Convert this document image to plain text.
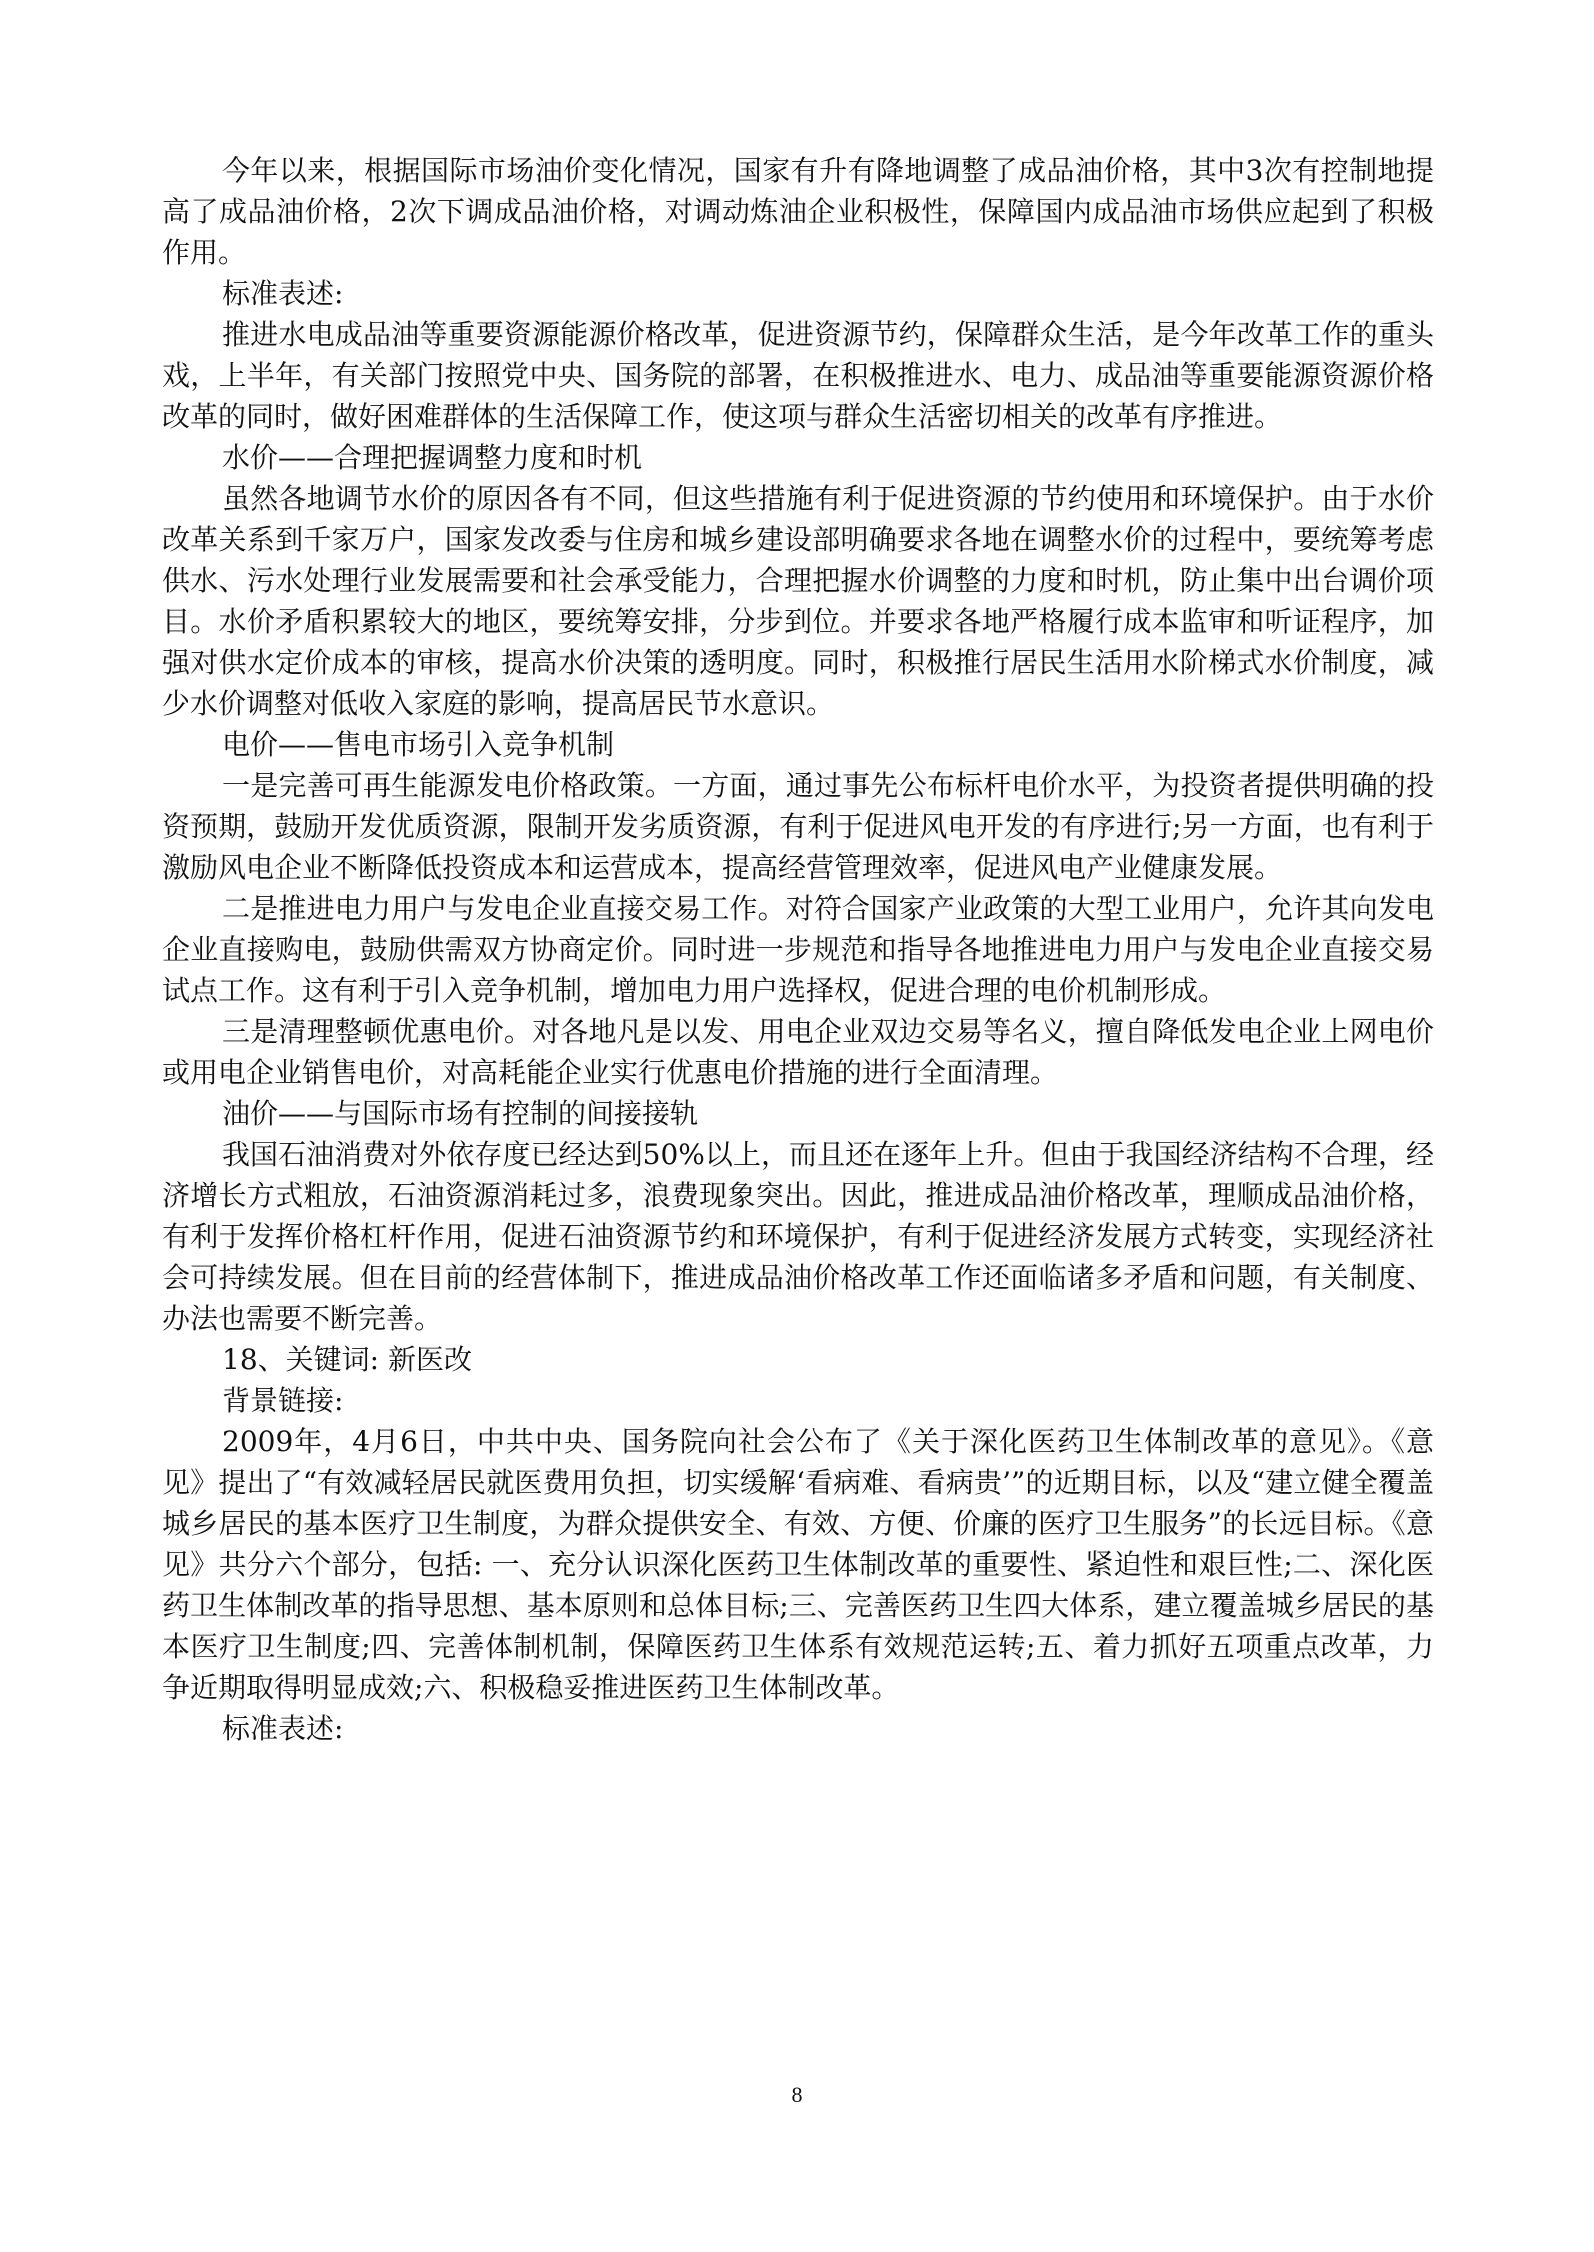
今年以来，根据国际市场油价变化情况，国家有升有降地调整了成品油价格，其中3次有控制地提高了成品油价格，2次下调成品油价格，对调动炼油企业积极性，保障国内成品油市场供应起到了积极作用。

标准表述:

推进水电成品油等重要资源能源价格改革，促进资源节约，保障群众生活，是今年改革工作的重头戏，上半年，有关部门按照党中央、国务院的部署，在积极推进水、电力、成品油等重要能源资源价格改革的同时，做好困难群体的生活保障工作，使这项与群众生活密切相关的改革有序推进。

水价——合理把握调整力度和时机

虽然各地调节水价的原因各有不同，但这些措施有利于促进资源的节约使用和环境保护。由于水价改革关系到千家万户，国家发改委与住房和城乡建设部明确要求各地在调整水价的过程中，要统筹考虑供水、污水处理行业发展需要和社会承受能力，合理把握水价调整的力度和时机，防止集中出台调价项目。水价矛盾积累较大的地区，要统筹安排，分步到位。并要求各地严格履行成本监审和听证程序，加强对供水定价成本的审核，提高水价决策的透明度。同时，积极推行居民生活用水阶梯式水价制度，减少水价调整对低收入家庭的影响，提高居民节水意识。

电价——售电市场引入竞争机制

一是完善可再生能源发电价格政策。一方面，通过事先公布标杆电价水平，为投资者提供明确的投资预期，鼓励开发优质资源，限制开发劣质资源，有利于促进风电开发的有序进行;另一方面，也有利于激励风电企业不断降低投资成本和运营成本，提高经营管理效率，促进风电产业健康发展。

二是推进电力用户与发电企业直接交易工作。对符合国家产业政策的大型工业用户，允许其向发电企业直接购电，鼓励供需双方协商定价。同时进一步规范和指导各地推进电力用户与发电企业直接交易试点工作。这有利于引入竞争机制，增加电力用户选择权，促进合理的电价机制形成。

三是清理整顿优惠电价。对各地凡是以发、用电企业双边交易等名义，擅自降低发电企业上网电价或用电企业销售电价，对高耗能企业实行优惠电价措施的进行全面清理。

油价——与国际市场有控制的间接接轨

我国石油消费对外依存度已经达到50%以上，而且还在逐年上升。但由于我国经济结构不合理，经济增长方式粗放，石油资源消耗过多，浪费现象突出。因此，推进成品油价格改革，理顺成品油价格，有利于发挥价格杠杆作用，促进石油资源节约和环境保护，有利于促进经济发展方式转变，实现经济社会可持续发展。但在目前的经营体制下，推进成品油价格改革工作还面临诸多矛盾和问题，有关制度、办法也需要不断完善。

18、关键词: 新医改

背景链接:

2009年，4月6日，中共中央、国务院向社会公布了《关于深化医药卫生体制改革的意见》。《意见》提出了“有效减轻居民就医费用负担，切实缓解‘看病难、看病贵’”的近期目标，以及“建立健全覆盖城乡居民的基本医疗卫生制度，为群众提供安全、有效、方便、价廉的医疗卫生服务”的长远目标。《意见》共分六个部分，包括: 一、充分认识深化医药卫生体制改革的重要性、紧迫性和艰巨性;二、深化医药卫生体制改革的指导思想、基本原则和总体目标;三、完善医药卫生四大体系，建立覆盖城乡居民的基本医疗卫生制度;四、完善体制机制，保障医药卫生体系有效规范运转;五、着力抓好五项重点改革，力争近期取得明显成效;六、积极稳妥推进医药卫生体制改革。

标准表述:

8
